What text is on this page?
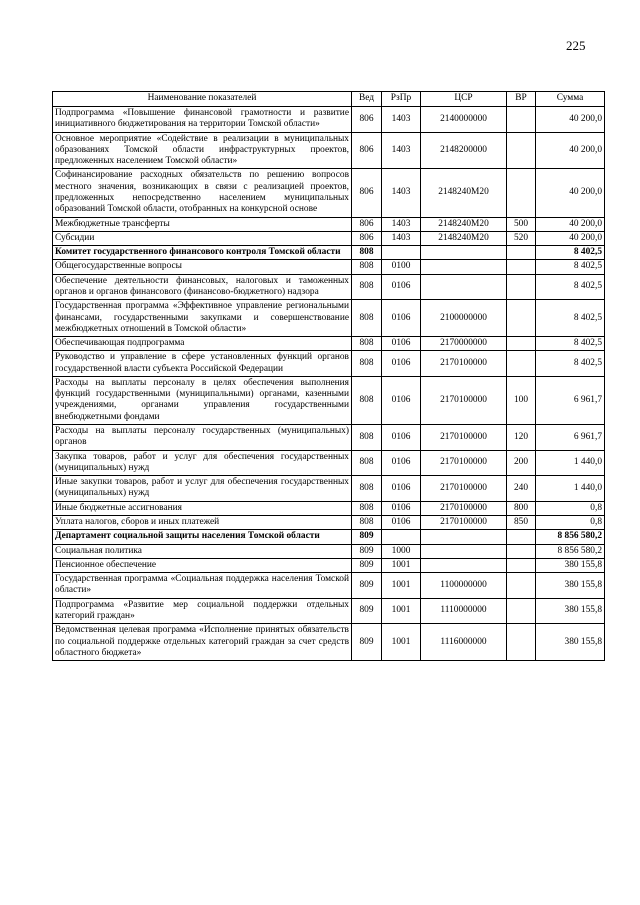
225
Наименование показателей	Вед	РзПр	ЦСР	ВР	Сумма
Подпрограмма «Повышение финансовой грамотности и развитие инициативного бюджетирования на территории Томской области»	806	1403	2140000000		40 200,0
Основное мероприятие «Содействие в реализации в муниципальных образованиях Томской области инфраструктурных проектов, предложенных населением Томской области»	806	1403	2148200000		40 200,0
Софинансирование расходных обязательств по решению вопросов местного значения, возникающих в связи с реализацией проектов, предложенных непосредственно населением муниципальных образований Томской области, отобранных на конкурсной основе	806	1403	2148240М20		40 200,0
Межбюджетные трансферты	806	1403	2148240М20	500	40 200,0
Субсидии	806	1403	2148240М20	520	40 200,0
Комитет государственного финансового контроля Томской области	808				8 402,5
Общегосударственные вопросы	808	0100			8 402,5
Обеспечение деятельности финансовых, налоговых и таможенных органов и органов финансового (финансово-бюджетного) надзора	808	0106			8 402,5
Государственная программа «Эффективное управление региональными финансами, государственными закупками и совершенствование межбюджетных отношений в Томской области»	808	0106	2100000000		8 402,5
Обеспечивающая подпрограмма	808	0106	2170000000		8 402,5
Руководство и управление в сфере установленных функций органов государственной власти субъекта Российской Федерации	808	0106	2170100000		8 402,5
Расходы на выплаты персоналу в целях обеспечения выполнения функций государственными (муниципальными) органами, казенными учреждениями, органами управления государственными внебюджетными фондами	808	0106	2170100000	100	6 961,7
Расходы на выплаты персоналу государственных (муниципальных) органов	808	0106	2170100000	120	6 961,7
Закупка товаров, работ и услуг для обеспечения государственных (муниципальных) нужд	808	0106	2170100000	200	1 440,0
Иные закупки товаров, работ и услуг для обеспечения государственных (муниципальных) нужд	808	0106	2170100000	240	1 440,0
Иные бюджетные ассигнования	808	0106	2170100000	800	0,8
Уплата налогов, сборов и иных платежей	808	0106	2170100000	850	0,8
Департамент социальной защиты населения Томской области	809				8 856 580,2
Социальная политика	809	1000			8 856 580,2
Пенсионное обеспечение	809	1001			380 155,8
Государственная программа «Социальная поддержка населения Томской области»	809	1001	1100000000		380 155,8
Подпрограмма «Развитие мер социальной поддержки отдельных категорий граждан»	809	1001	1110000000		380 155,8
Ведомственная целевая программа «Исполнение принятых обязательств по социальной поддержке отдельных категорий граждан за счет средств областного бюджета»	809	1001	1116000000		380 155,8
